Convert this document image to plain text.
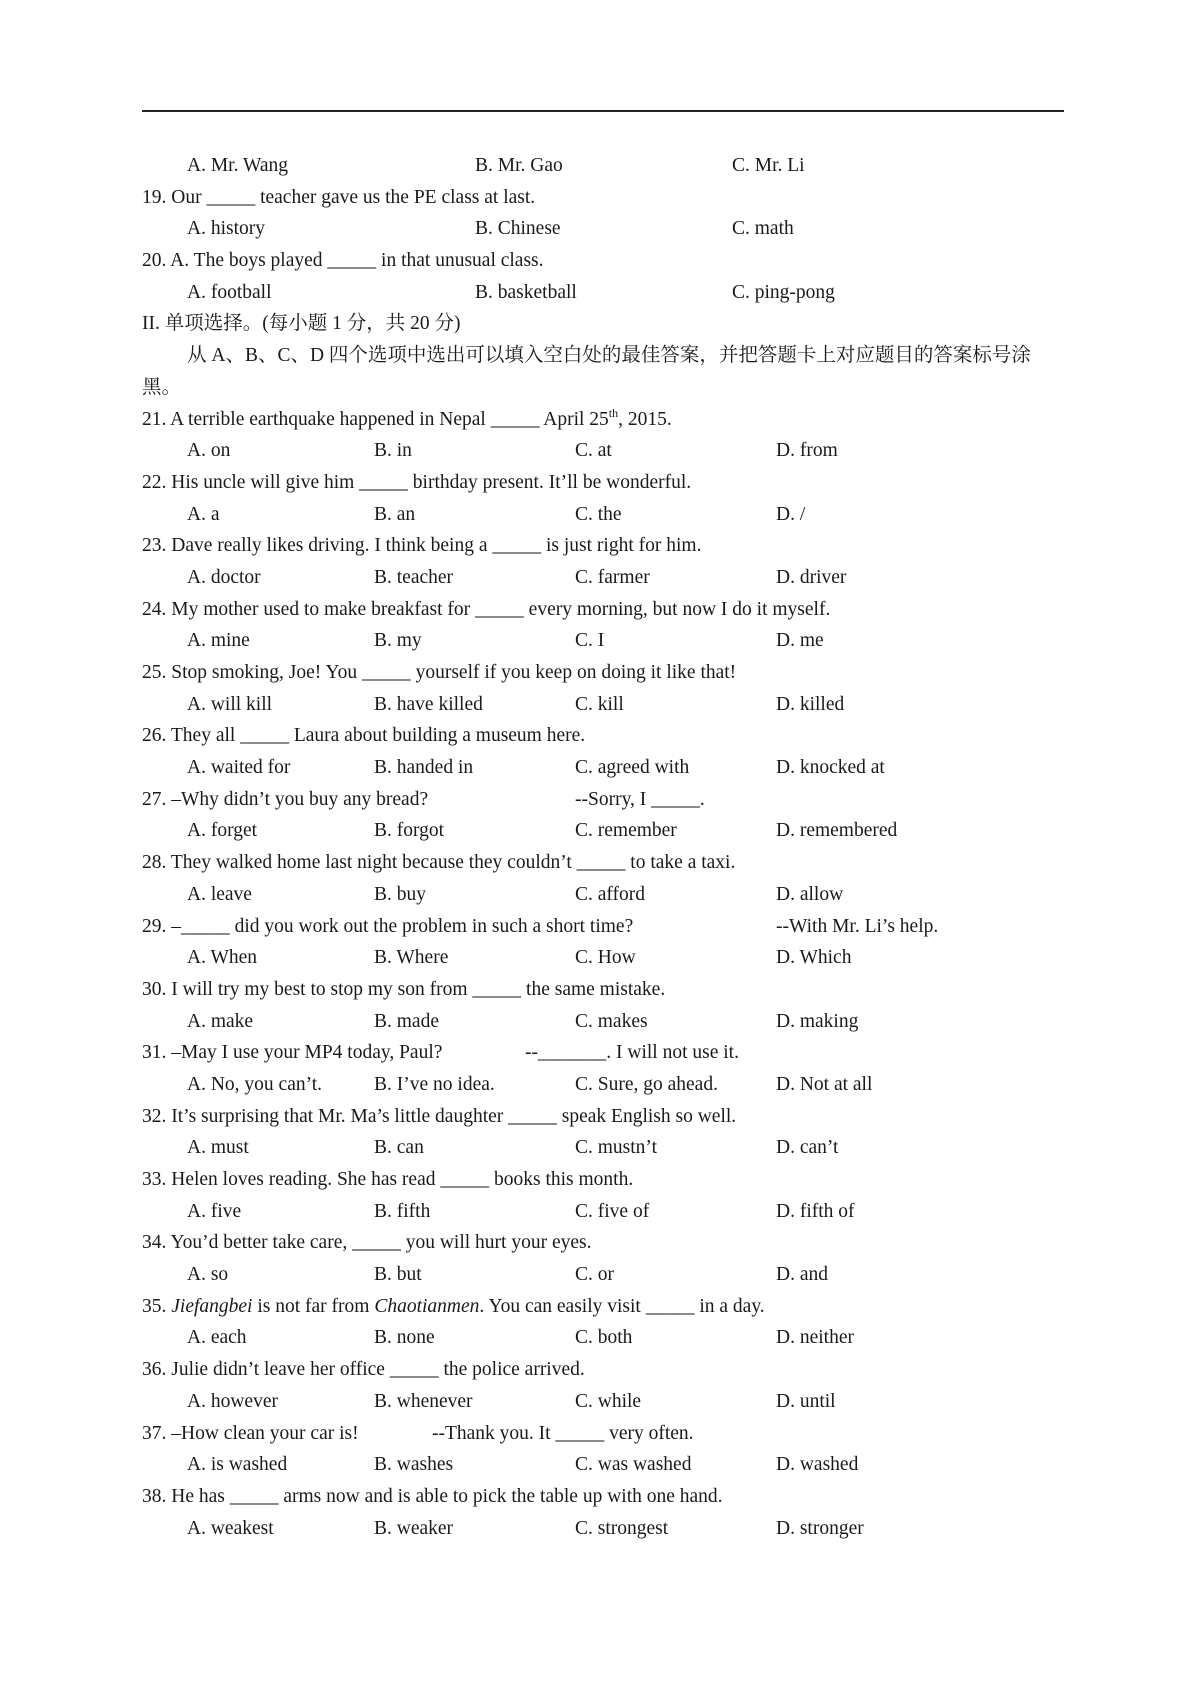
A. Mr. Wang	B. Mr. Gao	C. Mr. Li
19. Our _____ teacher gave us the PE class at last.
A. history	B. Chinese	C. math
20. A. The boys played _____ in that unusual class.
A. football	B. basketball	C. ping-pong
II. 单项选择。(每小题 1 分，共 20 分)
从 A、B、C、D 四个选项中选出可以填入空白处的最佳答案，并把答题卡上对应题目的答案标号涂黑。
21. A terrible earthquake happened in Nepal _____ April 25th, 2015.
A. on	B. in	C. at	D. from
22. His uncle will give him _____ birthday present. It’ll be wonderful.
A. a	B. an	C. the	D. /
23. Dave really likes driving. I think being a _____ is just right for him.
A. doctor	B. teacher	C. farmer	D. driver
24. My mother used to make breakfast for _____ every morning, but now I do it myself.
A. mine	B. my	C. I	D. me
25. Stop smoking, Joe! You _____ yourself if you keep on doing it like that!
A. will kill	B. have killed	C. kill	D. killed
26. They all _____ Laura about building a museum here.
A. waited for	B. handed in	C. agreed with	D. knocked at
27. –Why didn’t you buy any bread?	--Sorry, I _____.
A. forget	B. forgot	C. remember	D. remembered
28. They walked home last night because they couldn’t _____ to take a taxi.
A. leave	B. buy	C. afford	D. allow
29. –_____ did you work out the problem in such a short time?	--With Mr. Li’s help.
A. When	B. Where	C. How	D. Which
30. I will try my best to stop my son from _____ the same mistake.
A. make	B. made	C. makes	D. making
31. –May I use your MP4 today, Paul?	--_______. I will not use it.
A. No, you can’t.	B. I’ve no idea.	C. Sure, go ahead.	D. Not at all
32. It’s surprising that Mr. Ma’s little daughter _____ speak English so well.
A. must	B. can	C. mustn’t	D. can’t
33. Helen loves reading. She has read _____ books this month.
A. five	B. fifth	C. five of	D. fifth of
34. You’d better take care, _____ you will hurt your eyes.
A. so	B. but	C. or	D. and
35. Jiefangbei is not far from Chaotianmen. You can easily visit _____ in a day.
A. each	B. none	C. both	D. neither
36. Julie didn’t leave her office _____ the police arrived.
A. however	B. whenever	C. while	D. until
37. –How clean your car is!	--Thank you. It _____ very often.
A. is washed	B. washes	C. was washed	D. washed
38. He has _____ arms now and is able to pick the table up with one hand.
A. weakest	B. weaker	C. strongest	D. stronger
